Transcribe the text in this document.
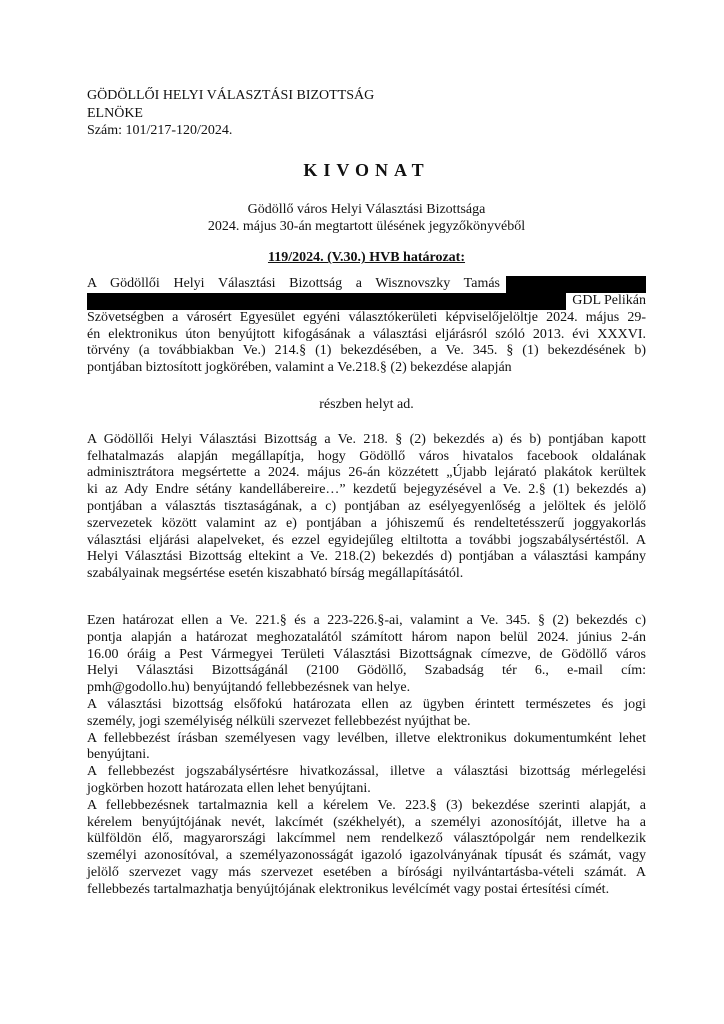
GÖDÖLLŐI HELYI VÁLASZTÁSI BIZOTTSÁG
ELNÖKE
Szám: 101/217-120/2024.
KIVONAT
Gödöllő város Helyi Választási Bizottsága
2024. május 30-án megtartott ülésének jegyzőkönyvéből
119/2024. (V.30.) HVB határozat:
A Gödöllői Helyi Választási Bizottság a Wisznovszky Tamás
GDL Pelikán
Szövetségben a városért Egyesület egyéni választókerületi képviselőjelöltje 2024. május 29-
én elektronikus úton benyújtott kifogásának a választási eljárásról szóló 2013. évi XXXVI.
törvény (a továbbiakban Ve.) 214.§ (1) bekezdésében, a Ve. 345. § (1) bekezdésének b)
pontjában biztosított jogkörében, valamint a Ve.218.§ (2) bekezdése alapján
részben helyt ad.
A Gödöllői Helyi Választási Bizottság a Ve. 218. § (2) bekezdés a) és b) pontjában kapott
felhatalmazás alapján megállapítja, hogy Gödöllő város hivatalos facebook oldalának
adminisztrátora megsértette a 2024. május 26-án közzétett „Újabb lejárató plakátok kerültek
ki az Ady Endre sétány kandellábereire…” kezdetű bejegyzésével a Ve. 2.§ (1) bekezdés a)
pontjában a választás tisztaságának, a c) pontjában az esélyegyenlőség a jelöltek és jelölő
szervezetek között valamint az e) pontjában a jóhiszemű és rendeltetésszerű joggyakorlás
választási eljárási alapelveket, és ezzel egyidejűleg eltiltotta a további jogszabálysértéstől. A
Helyi Választási Bizottság eltekint a Ve. 218.(2) bekezdés d) pontjában a választási kampány
szabályainak megsértése esetén kiszabható bírság megállapításától.
Ezen határozat ellen a Ve. 221.§ és a 223-226.§-ai, valamint a Ve. 345. § (2) bekezdés c)
pontja alapján a határozat meghozatalától számított három napon belül 2024. június 2-án
16.00 óráig a Pest Vármegyei Területi Választási Bizottságnak címezve, de Gödöllő város
Helyi Választási Bizottságánál (2100 Gödöllő, Szabadság tér 6., e-mail cím:
pmh@godollo.hu) benyújtandó fellebbezésnek van helye.
A választási bizottság elsőfokú határozata ellen az ügyben érintett természetes és jogi
személy, jogi személyiség nélküli szervezet fellebbezést nyújthat be.
A fellebbezést írásban személyesen vagy levélben, illetve elektronikus dokumentumként lehet
benyújtani.
A fellebbezést jogszabálysértésre hivatkozással, illetve a választási bizottság mérlegelési
jogkörben hozott határozata ellen lehet benyújtani.
A fellebbezésnek tartalmaznia kell a kérelem Ve. 223.§ (3) bekezdése szerinti alapját, a
kérelem benyújtójának nevét, lakcímét (székhelyét), a személyi azonosítóját, illetve ha a
külföldön élő, magyarországi lakcímmel nem rendelkező választópolgár nem rendelkezik
személyi azonosítóval, a személyazonosságát igazoló igazolványának típusát és számát, vagy
jelölő szervezet vagy más szervezet esetében a bírósági nyilvántartásba-vételi számát. A
fellebbezés tartalmazhatja benyújtójának elektronikus levélcímét vagy postai értesítési címét.
